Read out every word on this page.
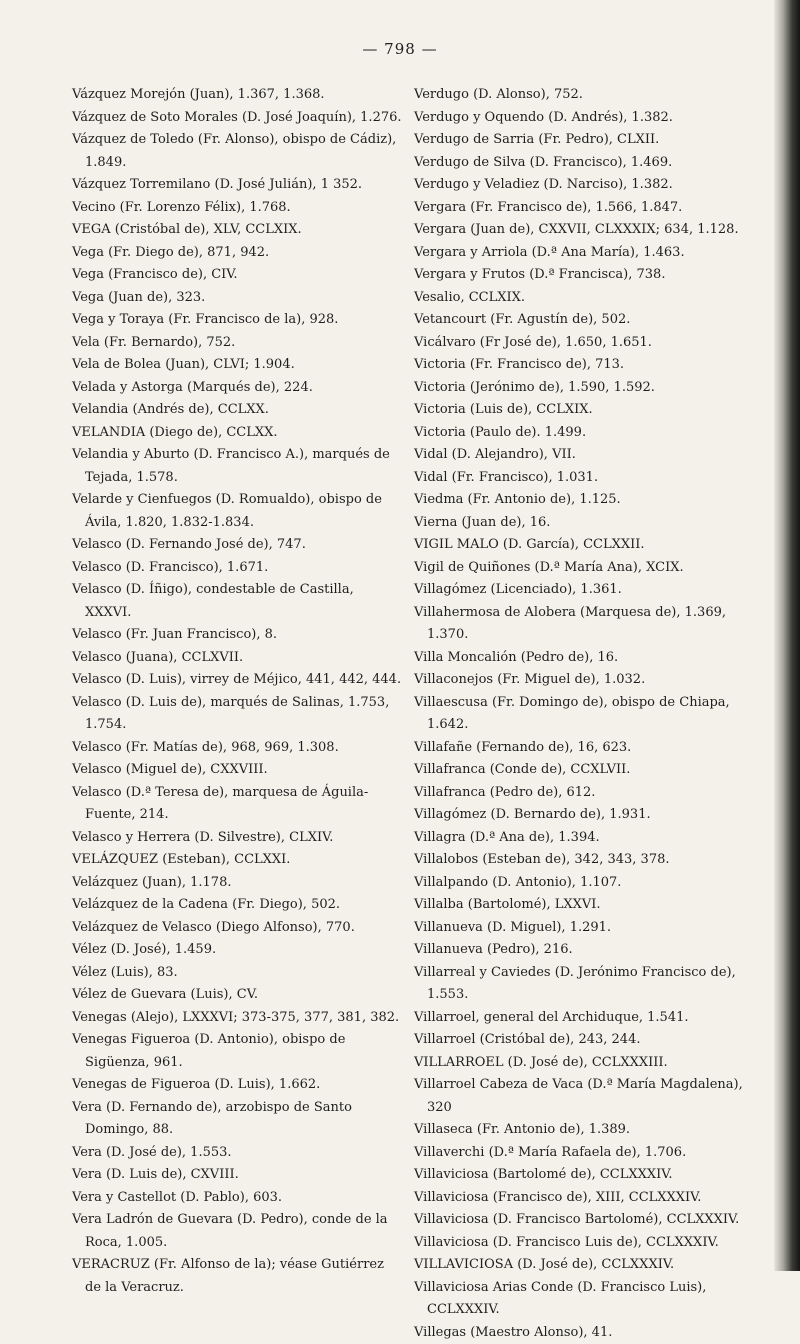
— 798 —
Vázquez Morejón (Juan), 1.367, 1.368.
Vázquez de Soto Morales (D. José Joaquín), 1.276.
Vázquez de Toledo (Fr. Alonso), obispo de Cádiz), 1.849.
Vázquez Torremilano (D. José Julián), 1 352.
Vecino (Fr. Lorenzo Félix), 1.768.
VEGA (Cristóbal de), XLV, CCLXIX.
Vega (Fr. Diego de), 871, 942.
Vega (Francisco de), CIV.
Vega (Juan de), 323.
Vega y Toraya (Fr. Francisco de la), 928.
Vela (Fr. Bernardo), 752.
Vela de Bolea (Juan), CLVI; 1.904.
Velada y Astorga (Marqués de), 224.
Velandia (Andrés de), CCLXX.
VELANDIA (Diego de), CCLXX.
Velandia y Aburto (D. Francisco A.), marqués de Tejada, 1.578.
Velarde y Cienfuegos (D. Romualdo), obispo de Ávila, 1.820, 1.832-1.834.
Velasco (D. Fernando José de), 747.
Velasco (D. Francisco), 1.671.
Velasco (D. Íñigo), condestable de Castilla, XXXVI.
Velasco (Fr. Juan Francisco), 8.
Velasco (Juana), CCLXVII.
Velasco (D. Luis), virrey de Méjico, 441, 442, 444.
Velasco (D. Luis de), marqués de Salinas, 1.753, 1.754.
Velasco (Fr. Matías de), 968, 969, 1.308.
Velasco (Miguel de), CXXVIII.
Velasco (D.ª Teresa de), marquesa de Águila-Fuente, 214.
Velasco y Herrera (D. Silvestre), CLXIV.
VELÁZQUEZ (Esteban), CCLXXI.
Velázquez (Juan), 1.178.
Velázquez de la Cadena (Fr. Diego), 502.
Velázquez de Velasco (Diego Alfonso), 770.
Vélez (D. José), 1.459.
Vélez (Luis), 83.
Vélez de Guevara (Luis), CV.
Venegas (Alejo), LXXXVI; 373-375, 377, 381, 382.
Venegas Figueroa (D. Antonio), obispo de Sigüenza, 961.
Venegas de Figueroa (D. Luis), 1.662.
Vera (D. Fernando de), arzobispo de Santo Domingo, 88.
Vera (D. José de), 1.553.
Vera (D. Luis de), CXVIII.
Vera y Castellot (D. Pablo), 603.
Vera Ladrón de Guevara (D. Pedro), conde de la Roca, 1.005.
VERACRUZ (Fr. Alfonso de la); véase Gutiérrez de la Veracruz.
Verdugo (D. Alonso), 752.
Verdugo y Oquendo (D. Andrés), 1.382.
Verdugo de Sarria (Fr. Pedro), CLXII.
Verdugo de Silva (D. Francisco), 1.469.
Verdugo y Veladiez (D. Narciso), 1.382.
Vergara (Fr. Francisco de), 1.566, 1.847.
Vergara (Juan de), CXXVII, CLXXXIX; 634, 1.128.
Vergara y Arriola (D.ª Ana María), 1.463.
Vergara y Frutos (D.ª Francisca), 738.
Vesalio, CCLXIX.
Vetancourt (Fr. Agustín de), 502.
Vicálvaro (Fr José de), 1.650, 1.651.
Victoria (Fr. Francisco de), 713.
Victoria (Jerónimo de), 1.590, 1.592.
Victoria (Luis de), CCLXIX.
Victoria (Paulo de). 1.499.
Vidal (D. Alejandro), VII.
Vidal (Fr. Francisco), 1.031.
Viedma (Fr. Antonio de), 1.125.
Vierna (Juan de), 16.
VIGIL MALO (D. García), CCLXXII.
Vigil de Quiñones (D.ª María Ana), XCIX.
Villagómez (Licenciado), 1.361.
Villahermosa de Alobera (Marquesa de), 1.369, 1.370.
Villa Moncalión (Pedro de), 16.
Villaconejos (Fr. Miguel de), 1.032.
Villaescusa (Fr. Domingo de), obispo de Chiapa, 1.642.
Villafañe (Fernando de), 16, 623.
Villafranca (Conde de), CCXLVII.
Villafranca (Pedro de), 612.
Villagómez (D. Bernardo de), 1.931.
Villagra (D.ª Ana de), 1.394.
Villalobos (Esteban de), 342, 343, 378.
Villalpando (D. Antonio), 1.107.
Villalba (Bartolomé), LXXVI.
Villanueva (D. Miguel), 1.291.
Villanueva (Pedro), 216.
Villarreal y Caviedes (D. Jerónimo Francisco de), 1.553.
Villarroel, general del Archiduque, 1.541.
Villarroel (Cristóbal de), 243, 244.
VILLARROEL (D. José de), CCLXXXIII.
Villarroel Cabeza de Vaca (D.ª María Magdalena), 320
Villaseca (Fr. Antonio de), 1.389.
Villaverchi (D.ª María Rafaela de), 1.706.
Villaviciosa (Bartolomé de), CCLXXXIV.
Villaviciosa (Francisco de), XIII, CCLXXXIV.
Villaviciosa (D. Francisco Bartolomé), CCLXXXIV.
Villaviciosa (D. Francisco Luis de), CCLXXXIV.
VILLAVICIOSA (D. José de), CCLXXXIV.
Villaviciosa Arias Conde (D. Francisco Luis), CCLXXXIV.
Villegas (Maestro Alonso), 41.
